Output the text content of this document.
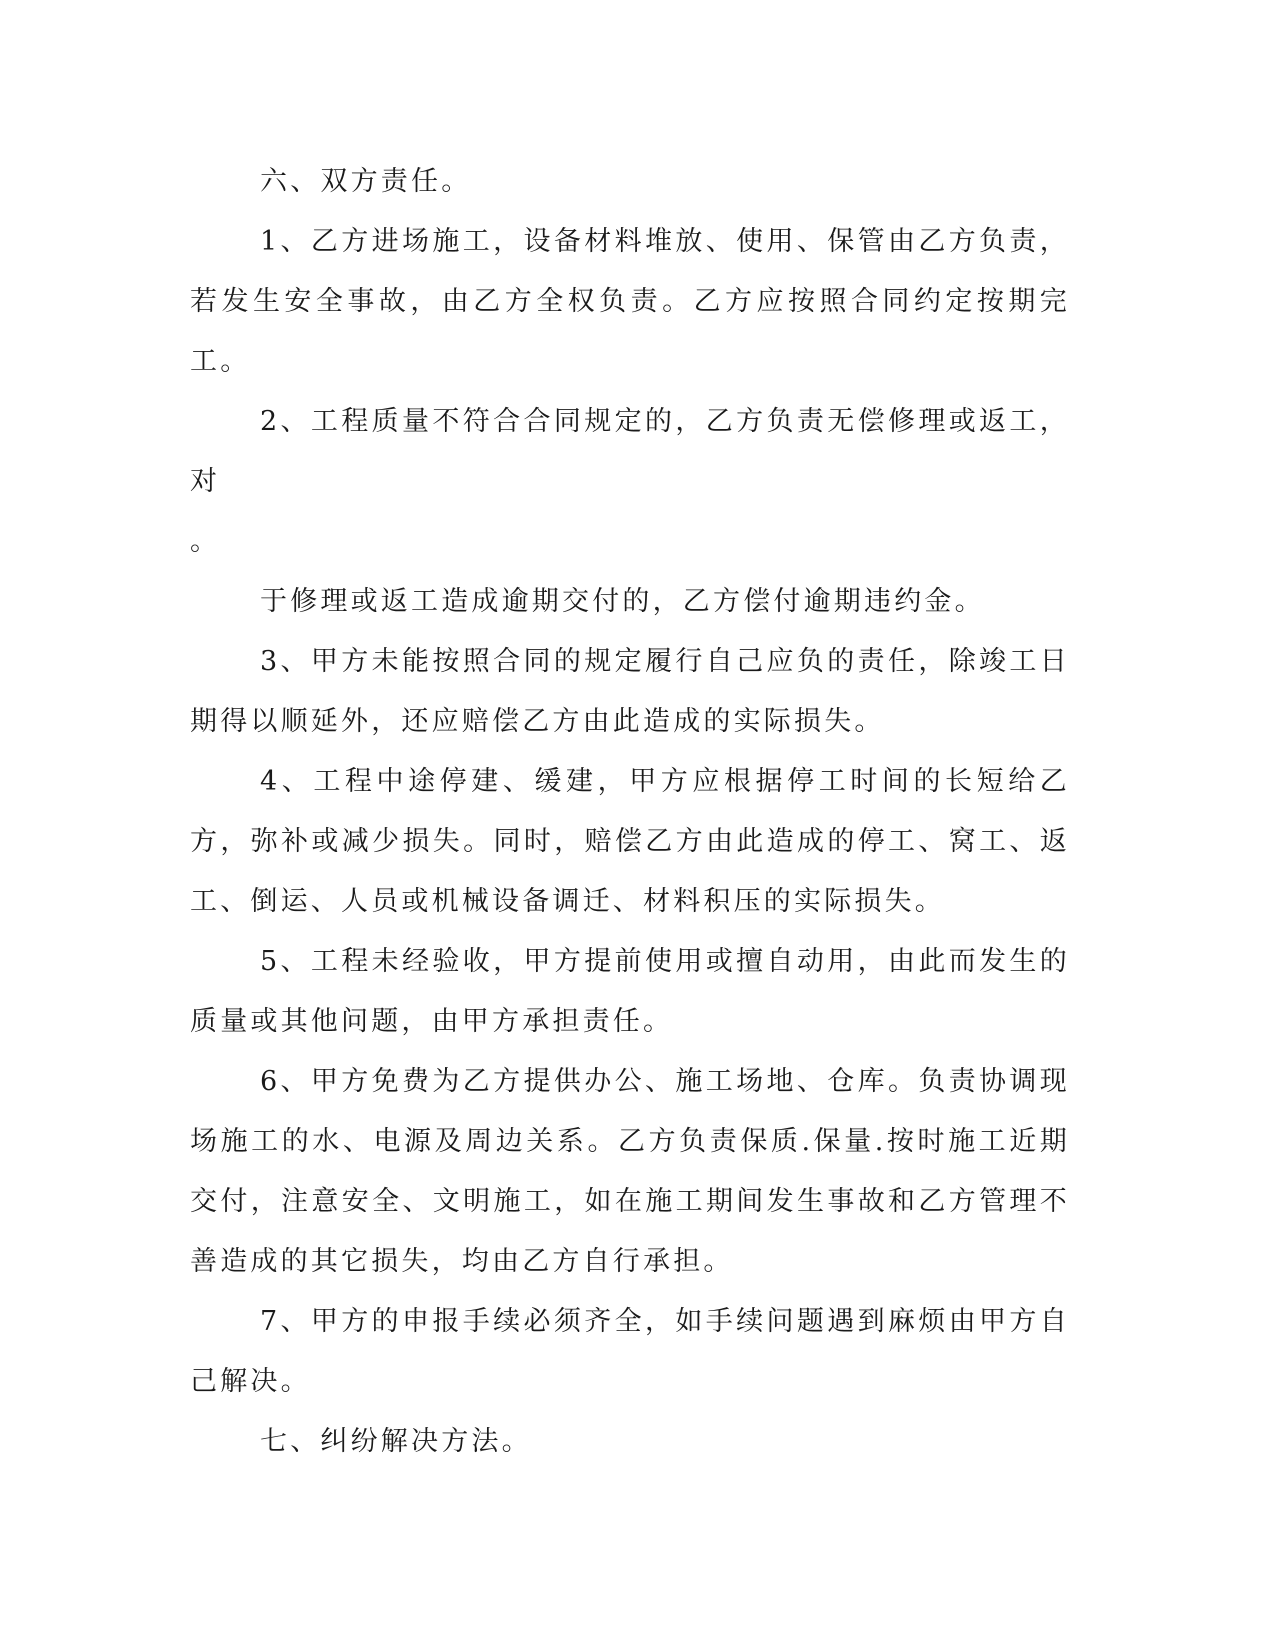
六、双方责任。

1、乙方进场施工，设备材料堆放、使用、保管由乙方负责，若发生安全事故，由乙方全权负责。乙方应按照合同约定按期完工。

2、工程质量不符合合同规定的，乙方负责无偿修理或返工，对

。

于修理或返工造成逾期交付的，乙方偿付逾期违约金。

3、甲方未能按照合同的规定履行自己应负的责任，除竣工日期得以顺延外，还应赔偿乙方由此造成的实际损失。

4、工程中途停建、缓建，甲方应根据停工时间的长短给乙方，弥补或减少损失。同时，赔偿乙方由此造成的停工、窝工、返工、倒运、人员或机械设备调迁、材料积压的实际损失。

5、工程未经验收，甲方提前使用或擅自动用，由此而发生的质量或其他问题，由甲方承担责任。

6、甲方免费为乙方提供办公、施工场地、仓库。负责协调现场施工的水、电源及周边关系。乙方负责保质.保量.按时施工近期交付，注意安全、文明施工，如在施工期间发生事故和乙方管理不善造成的其它损失，均由乙方自行承担。

7、甲方的申报手续必须齐全，如手续问题遇到麻烦由甲方自己解决。

七、纠纷解决方法。
